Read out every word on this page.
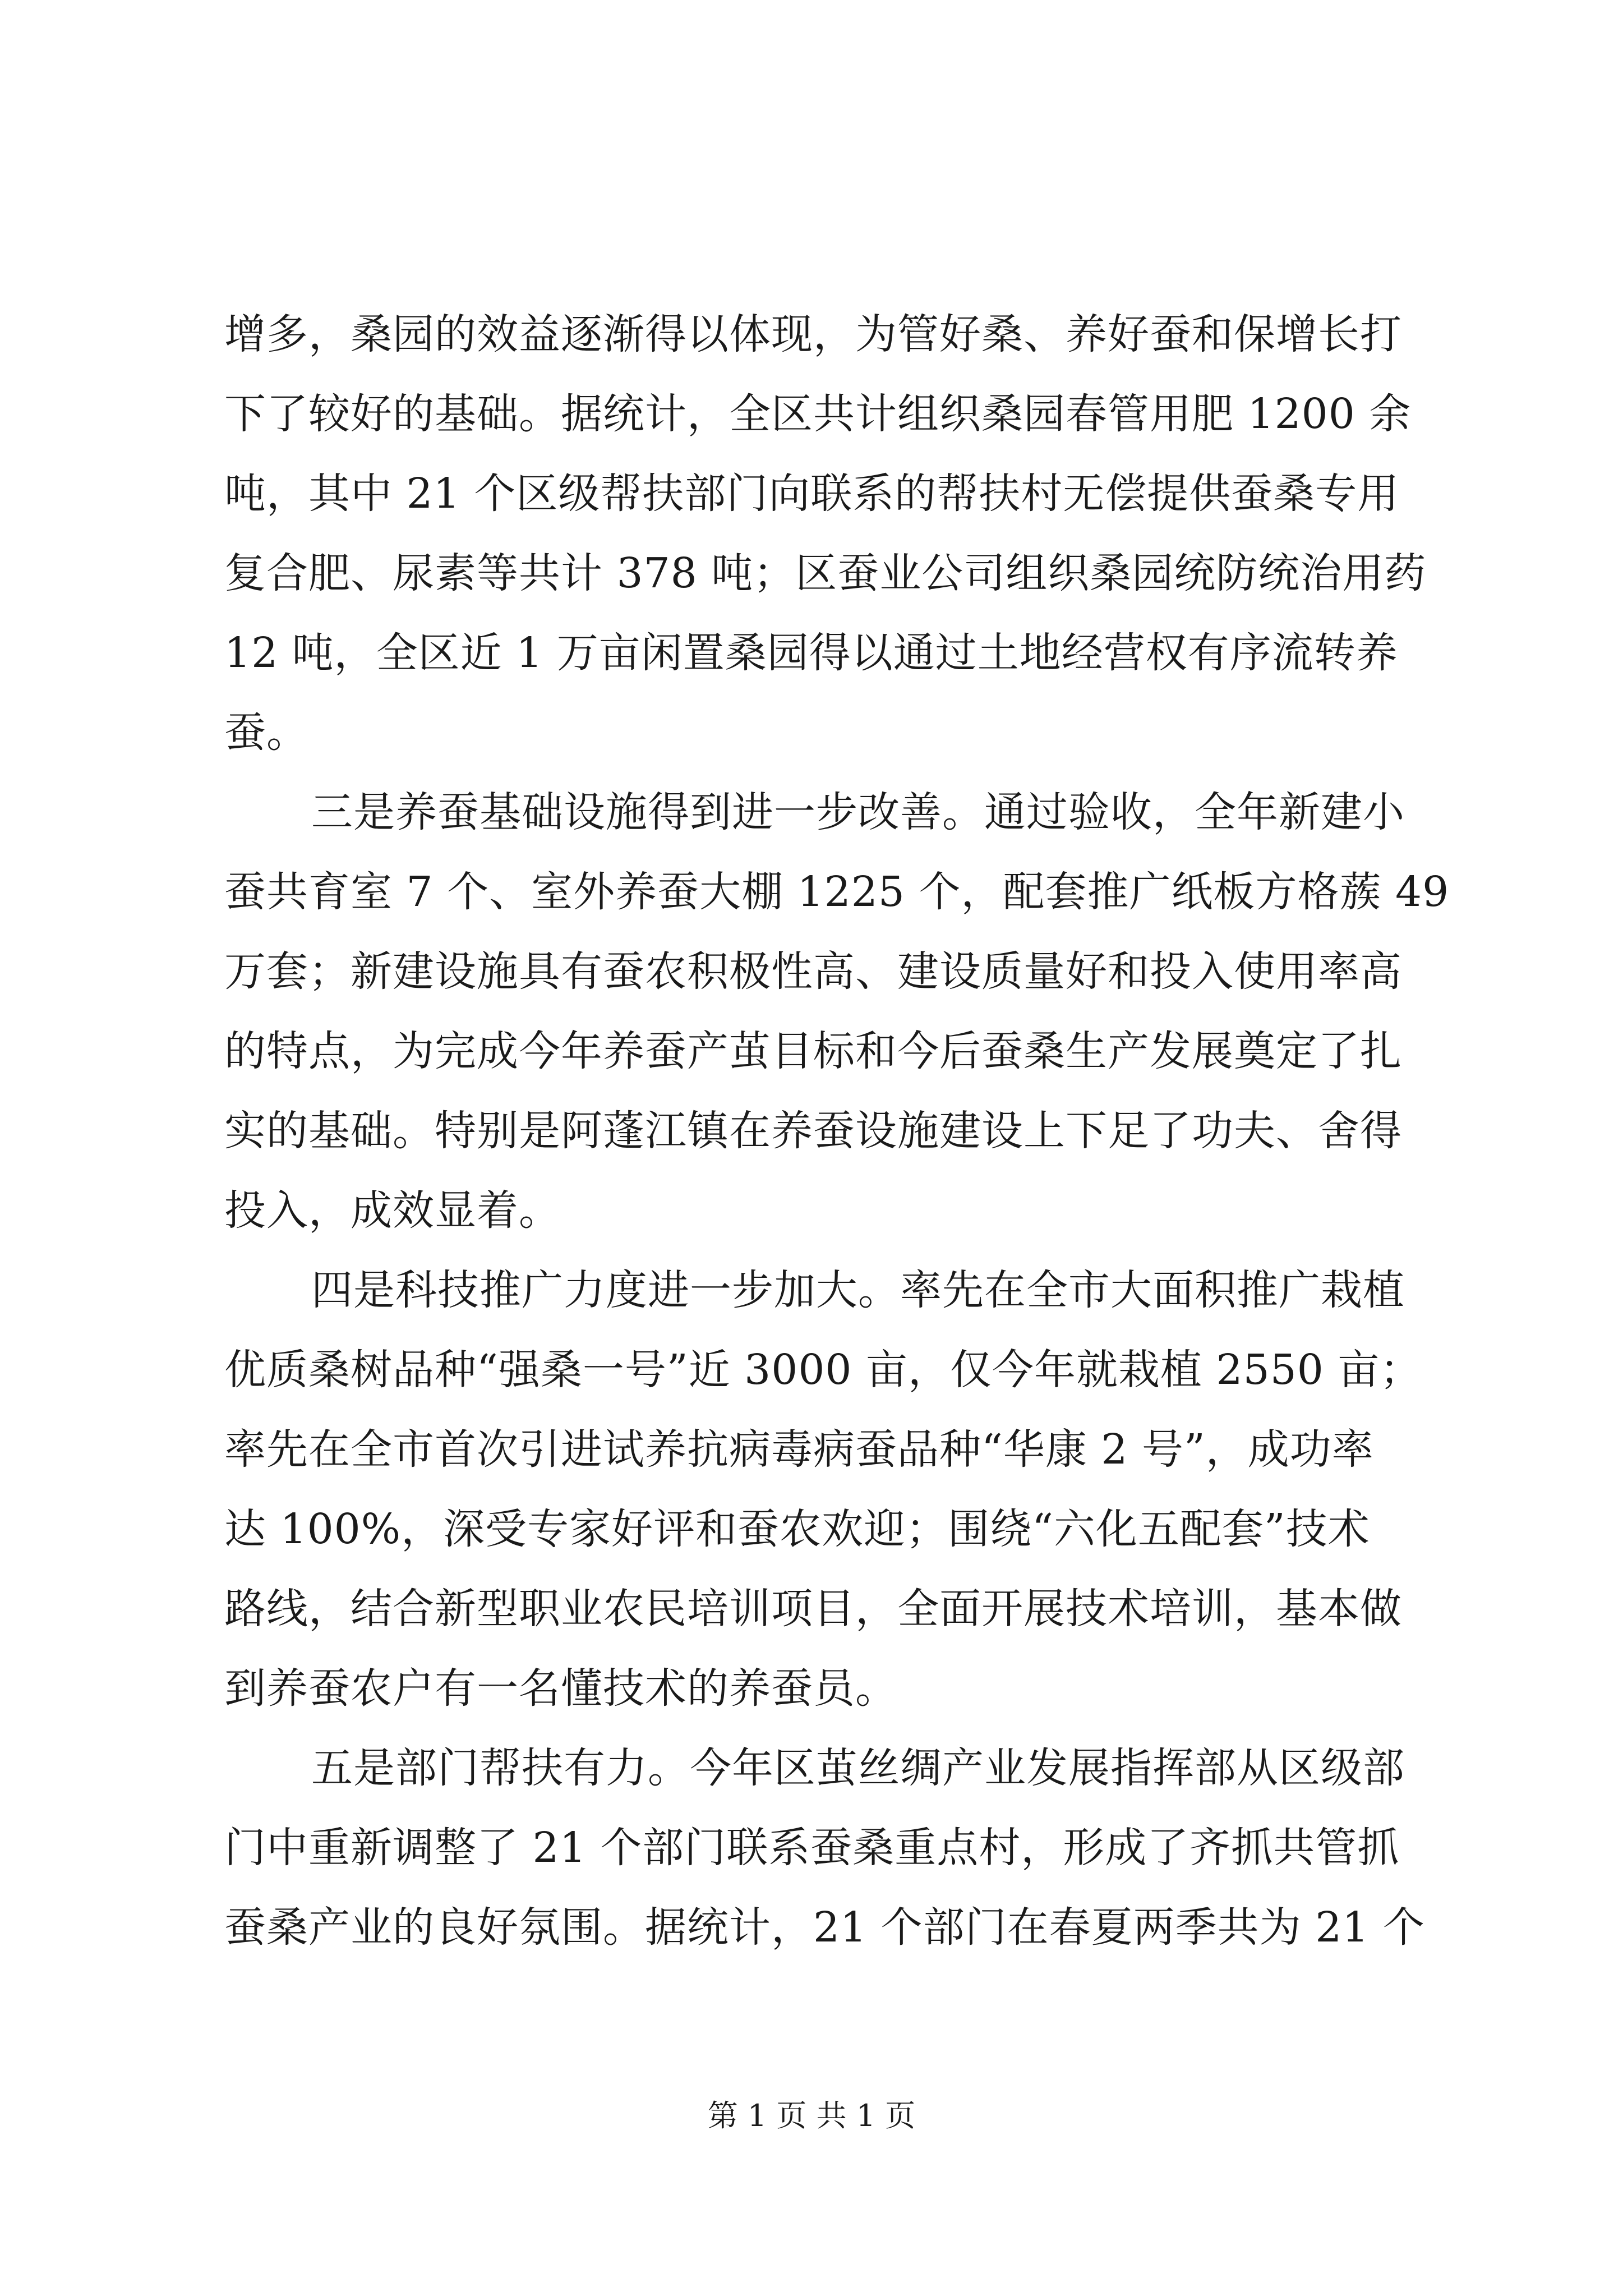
增多，桑园的效益逐渐得以体现，为管好桑、养好蚕和保增长打
下了较好的基础。据统计，全区共计组织桑园春管用肥 1200 余
吨，其中 21 个区级帮扶部门向联系的帮扶村无偿提供蚕桑专用
复合肥、尿素等共计 378 吨；区蚕业公司组织桑园统防统治用药
12 吨，全区近 1 万亩闲置桑园得以通过土地经营权有序流转养
蚕。
三是养蚕基础设施得到进一步改善。通过验收，全年新建小
蚕共育室 7 个、室外养蚕大棚 1225 个，配套推广纸板方格蔟 49
万套；新建设施具有蚕农积极性高、建设质量好和投入使用率高
的特点，为完成今年养蚕产茧目标和今后蚕桑生产发展奠定了扎
实的基础。特别是阿蓬江镇在养蚕设施建设上下足了功夫、舍得
投入，成效显着。
四是科技推广力度进一步加大。率先在全市大面积推广栽植
优质桑树品种“强桑一号”近 3000 亩，仅今年就栽植 2550 亩；
率先在全市首次引进试养抗病毒病蚕品种“华康 2 号”，成功率
达 100%，深受专家好评和蚕农欢迎；围绕“六化五配套”技术
路线，结合新型职业农民培训项目，全面开展技术培训，基本做
到养蚕农户有一名懂技术的养蚕员。
五是部门帮扶有力。今年区茧丝绸产业发展指挥部从区级部
门中重新调整了 21 个部门联系蚕桑重点村，形成了齐抓共管抓
蚕桑产业的良好氛围。据统计，21 个部门在春夏两季共为 21 个
第 1 页 共 1 页
